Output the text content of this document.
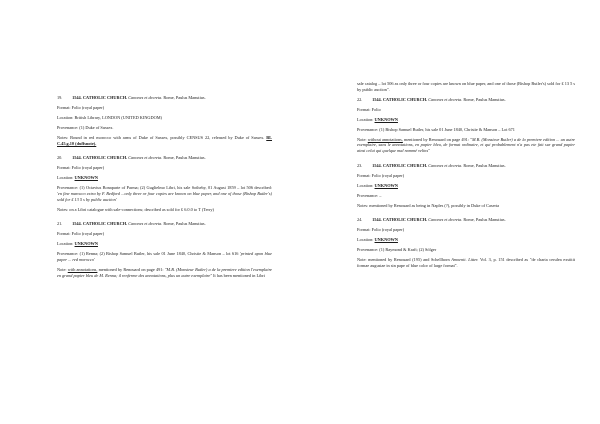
19. 1544. CATHOLIC CHURCH. Canones et decreta. Rome, Paulus Manutius.

Format: Folio (royal paper)

Location: British Library, LONDON (UNITED KINGDOM)

Provenance: (1) Duke of Sussex.

Notes: Bound in red morocco with arms of Duke of Sussex, possibly CENSUS 22, released by Duke of Sussex. BL C.45.g.10 (duffsnote).

20. 1544. CATHOLIC CHURCH. Canones et decreta. Rome, Paulus Manutius.

Format: Folio (royal paper)

Location: UNKNOWN

Provenance: (1) Octavius Bonaparte of Parma; (2) Guglielmo Libri, his sale Sotheby, 01 August 1859 – lot 506 described: 'en fine marocco extra by F. Bedford ...only three or four copies are known on blue paper, and one of those (Bishop Butler's) sold for £ 13 5 s by public auction'

Notes: on a Libri catalogue with sale-connections; described as sold for £ 6.0.0 to T (Terry)

21. 1544. CATHOLIC CHURCH. Canones et decreta. Rome, Paulus Manutius.

Format: Folio (royal paper)

Location: UNKNOWN

Provenance: (1) Renna; (2) Bishop Samuel Butler, his sale 01 June 1840, Christie & Manson – lot 616 'printed upon blue paper ... red morocco'

Note: with annotations, mentioned by Renouard on page 491: "M.B. (Monsieur Butler) a de la premiere edition l'exemplaire en grand papier bleu de M. Renna; il renferme des annotations, plus un autre exemplaire" It has been mentioned in Libri

sale catalog – lot 506 as only three or four copies are known on blue paper, and one of those (Bishop Butler's) sold for £ 13 5 s by public auction".

22. 1544. CATHOLIC CHURCH. Canones et decreta. Rome, Paulus Manutius.

Format: Folio

Location: UNKNOWN

Provenance: (1) Bishop Samuel Butler, his sale 01 June 1840, Christie & Manson – Lot 671

Note: without annotations, mentioned by Renouard on page 491: "M.B. (Monsieur Butler) a de la premiere edition ... un autre exemplaire, sans le annotations, en papier bleu, de format ordinaire, et qui probablement n'a pas ete fait sur grand papier ainsi celui qui quelque mal nommé velins"

23. 1544. CATHOLIC CHURCH. Canones et decreta. Rome, Paulus Manutius.

Format: Folio (royal paper)

Location: UNKNOWN

Provenance: –

Notes: mentioned by Renouard as being in Naples (?), possibly in Duke of Caserta

24. 1544. CATHOLIC CHURCH. Canones et decreta. Rome, Paulus Manutius.

Format: Folio (royal paper)

Location: UNKNOWN

Provenance: (1) Raymond & Kraft; (2) Sölger

Note: mentioned by Renouard (195) and Schellhorn Amoenit. Litter. Vol. 3, p. 151 described as "de charta cerulea exstitit formae augustae in sin pape of blue color of large format".
